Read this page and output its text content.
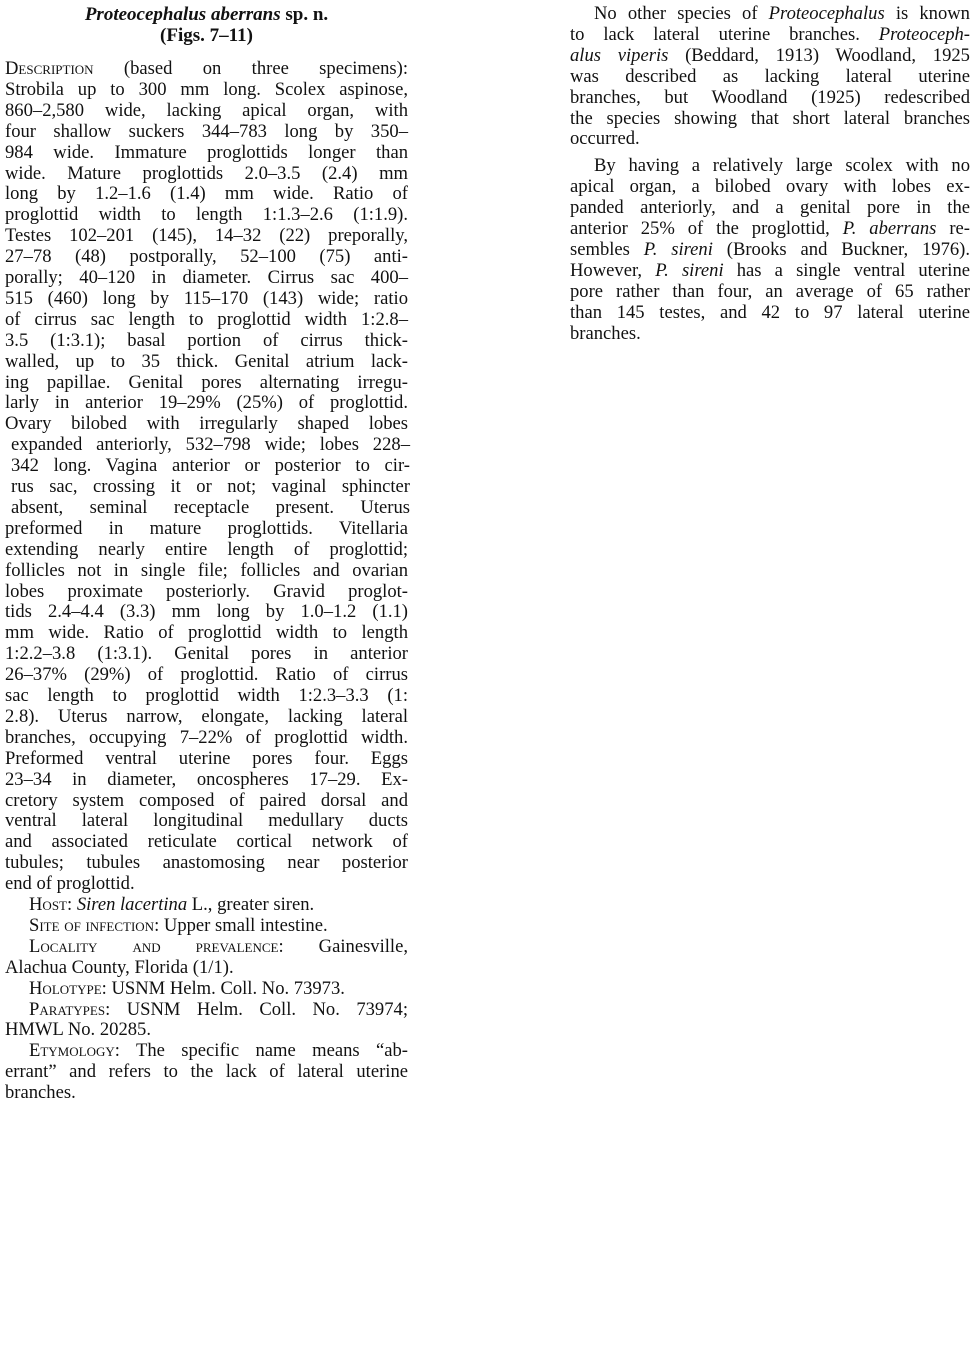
Proteocephalus aberrans sp. n.
(Figs. 7–11)
Description (based on three specimens):
Strobila up to 300 mm long. Scolex aspinose,
860–2,580 wide, lacking apical organ, with
four shallow suckers 344–783 long by 350–
984 wide. Immature proglottids longer than
wide. Mature proglottids 2.0–3.5 (2.4) mm
long by 1.2–1.6 (1.4) mm wide. Ratio of
proglottid width to length 1:1.3–2.6 (1:1.9).
Testes 102–201 (145), 14–32 (22) preporally,
27–78 (48) postporally, 52–100 (75) anti-
porally; 40–120 in diameter. Cirrus sac 400–
515 (460) long by 115–170 (143) wide; ratio
of cirrus sac length to proglottid width 1:2.8–
3.5 (1:3.1); basal portion of cirrus thick-
walled, up to 35 thick. Genital atrium lack-
ing papillae. Genital pores alternating irregu-
larly in anterior 19–29% (25%) of proglottid.
Ovary bilobed with irregularly shaped lobes
expanded anteriorly, 532–798 wide; lobes 228–
342 long. Vagina anterior or posterior to cir-
rus sac, crossing it or not; vaginal sphincter
absent, seminal receptacle present. Uterus
preformed in mature proglottids. Vitellaria
extending nearly entire length of proglottid;
follicles not in single file; follicles and ovarian
lobes proximate posteriorly. Gravid proglot-
tids 2.4–4.4 (3.3) mm long by 1.0–1.2 (1.1)
mm wide. Ratio of proglottid width to length
1:2.2–3.8 (1:3.1). Genital pores in anterior
26–37% (29%) of proglottid. Ratio of cirrus
sac length to proglottid width 1:2.3–3.3 (1:
2.8). Uterus narrow, elongate, lacking lateral
branches, occupying 7–22% of proglottid width.
Preformed ventral uterine pores four. Eggs
23–34 in diameter, oncospheres 17–29. Ex-
cretory system composed of paired dorsal and
ventral lateral longitudinal medullary ducts
and associated reticulate cortical network of
tubules; tubules anastomosing near posterior
end of proglottid.
Host: Siren lacertina L., greater siren.
Site of infection: Upper small intestine.
Locality and prevalence: Gainesville,
Alachua County, Florida (1/1).
Holotype: USNM Helm. Coll. No. 73973.
Paratypes: USNM Helm. Coll. No. 73974;
HMWL No. 20285.
Etymology: The specific name means “ab-
errant” and refers to the lack of lateral uterine
branches.
No other species of Proteocephalus is known
to lack lateral uterine branches. Proteoceph-
alus viperis (Beddard, 1913) Woodland, 1925
was described as lacking lateral uterine
branches, but Woodland (1925) redescribed
the species showing that short lateral branches
occurred.
By having a relatively large scolex with no
apical organ, a bilobed ovary with lobes ex-
panded anteriorly, and a genital pore in the
anterior 25% of the proglottid, P. aberrans re-
sembles P. sireni (Brooks and Buckner, 1976).
However, P. sireni has a single ventral uterine
pore rather than four, an average of 65 rather
than 145 testes, and 42 to 97 lateral uterine
branches.
